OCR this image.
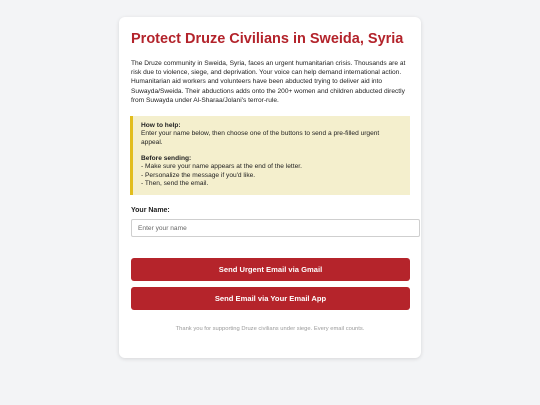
Protect Druze Civilians in Sweida, Syria

The Druze community in Sweida, Syria, faces an urgent humanitarian crisis. Thousands are at risk due to violence, siege, and deprivation. Your voice can help demand international action. Humanitarian aid workers and volunteers have been abducted trying to deliver aid into Suwayda/Sweida. Their abductions adds onto the 200+ women and children abducted directly from Suwayda under Al-Sharaa/Jolani's terror-rule.

How to help:
Enter your name below, then choose one of the buttons to send a pre-filled urgent appeal.
Before sending:
- Make sure your name appears at the end of the letter.
- Personalize the message if you'd like.
- Then, send the email.
Your Name:
Enter your name
Send Urgent Email via Gmail
Send Email via Your Email App
Thank you for supporting Druze civilians under siege. Every email counts.
